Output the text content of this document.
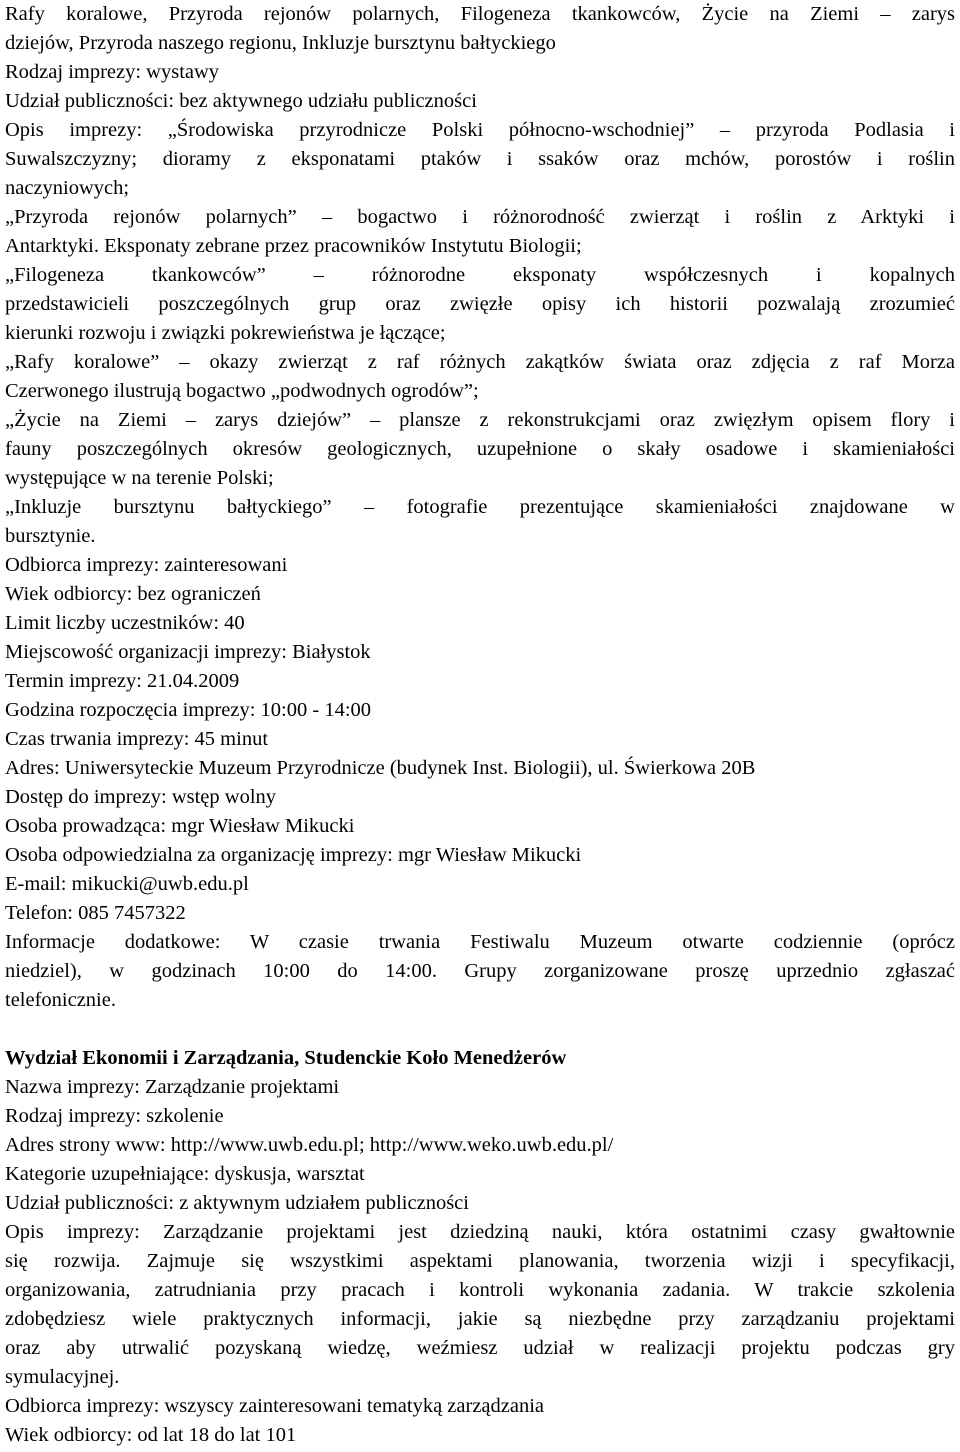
Rafy koralowe, Przyroda rejonów polarnych, Filogeneza tkankowców, Życie na Ziemi – zarys
dziejów, Przyroda naszego regionu, Inkluzje bursztynu bałtyckiego
Rodzaj imprezy: wystawy
Udział publiczności: bez aktywnego udziału publiczności
Opis imprezy: „Środowiska przyrodnicze Polski północno-wschodniej” – przyroda Podlasia i
Suwalszczyzny; dioramy z eksponatami ptaków i ssaków oraz mchów, porostów i roślin
naczyniowych;
„Przyroda rejonów polarnych” – bogactwo i różnorodność zwierząt i roślin z Arktyki i
Antarktyki. Eksponaty zebrane przez pracowników Instytutu Biologii;
„Filogeneza tkankowców” – różnorodne eksponaty współczesnych i kopalnych
przedstawicieli poszczególnych grup oraz zwięzłe opisy ich historii pozwalają zrozumieć
kierunki rozwoju i związki pokrewieństwa je łączące;
„Rafy koralowe” – okazy zwierząt z raf różnych zakątków świata oraz zdjęcia z raf Morza
Czerwonego ilustrują bogactwo „podwodnych ogrodów”;
„Życie na Ziemi – zarys dziejów” – plansze z rekonstrukcjami oraz zwięzłym opisem flory i
fauny poszczególnych okresów geologicznych, uzupełnione o skały osadowe i skamieniałości
występujące w na terenie Polski;
„Inkluzje bursztynu bałtyckiego” – fotografie prezentujące skamieniałości znajdowane w
bursztynie.
Odbiorca imprezy: zainteresowani
Wiek odbiorcy: bez ograniczeń
Limit liczby uczestników: 40
Miejscowość organizacji imprezy: Białystok
Termin imprezy: 21.04.2009
Godzina rozpoczęcia imprezy: 10:00 - 14:00
Czas trwania imprezy: 45 minut
Adres: Uniwersyteckie Muzeum Przyrodnicze (budynek Inst. Biologii), ul. Świerkowa 20B
Dostęp do imprezy: wstęp wolny
Osoba prowadząca: mgr Wiesław Mikucki
Osoba odpowiedzialna za organizację imprezy: mgr Wiesław Mikucki
E-mail: mikucki@uwb.edu.pl
Telefon: 085 7457322
Informacje dodatkowe: W czasie trwania Festiwalu Muzeum otwarte codziennie (oprócz
niedziel), w godzinach 10:00 do 14:00. Grupy zorganizowane proszę uprzednio zgłaszać
telefonicznie.
Wydział Ekonomii i Zarządzania, Studenckie Koło Menedżerów
Nazwa imprezy: Zarządzanie projektami
Rodzaj imprezy: szkolenie
Adres strony www: http://www.uwb.edu.pl; http://www.weko.uwb.edu.pl/
Kategorie uzupełniające: dyskusja, warsztat
Udział publiczności: z aktywnym udziałem publiczności
Opis imprezy: Zarządzanie projektami jest dziedziną nauki, która ostatnimi czasy gwałtownie
się rozwija. Zajmuje się wszystkimi aspektami planowania, tworzenia wizji i specyfikacji,
organizowania, zatrudniania przy pracach i kontroli wykonania zadania. W trakcie szkolenia
zdobędziesz wiele praktycznych informacji, jakie są niezbędne przy zarządzaniu projektami
oraz aby utrwalić pozyskaną wiedzę, weźmiesz udział w realizacji projektu podczas gry
symulacyjnej.
Odbiorca imprezy: wszyscy zainteresowani tematyką zarządzania
Wiek odbiorcy: od lat 18 do lat 101
